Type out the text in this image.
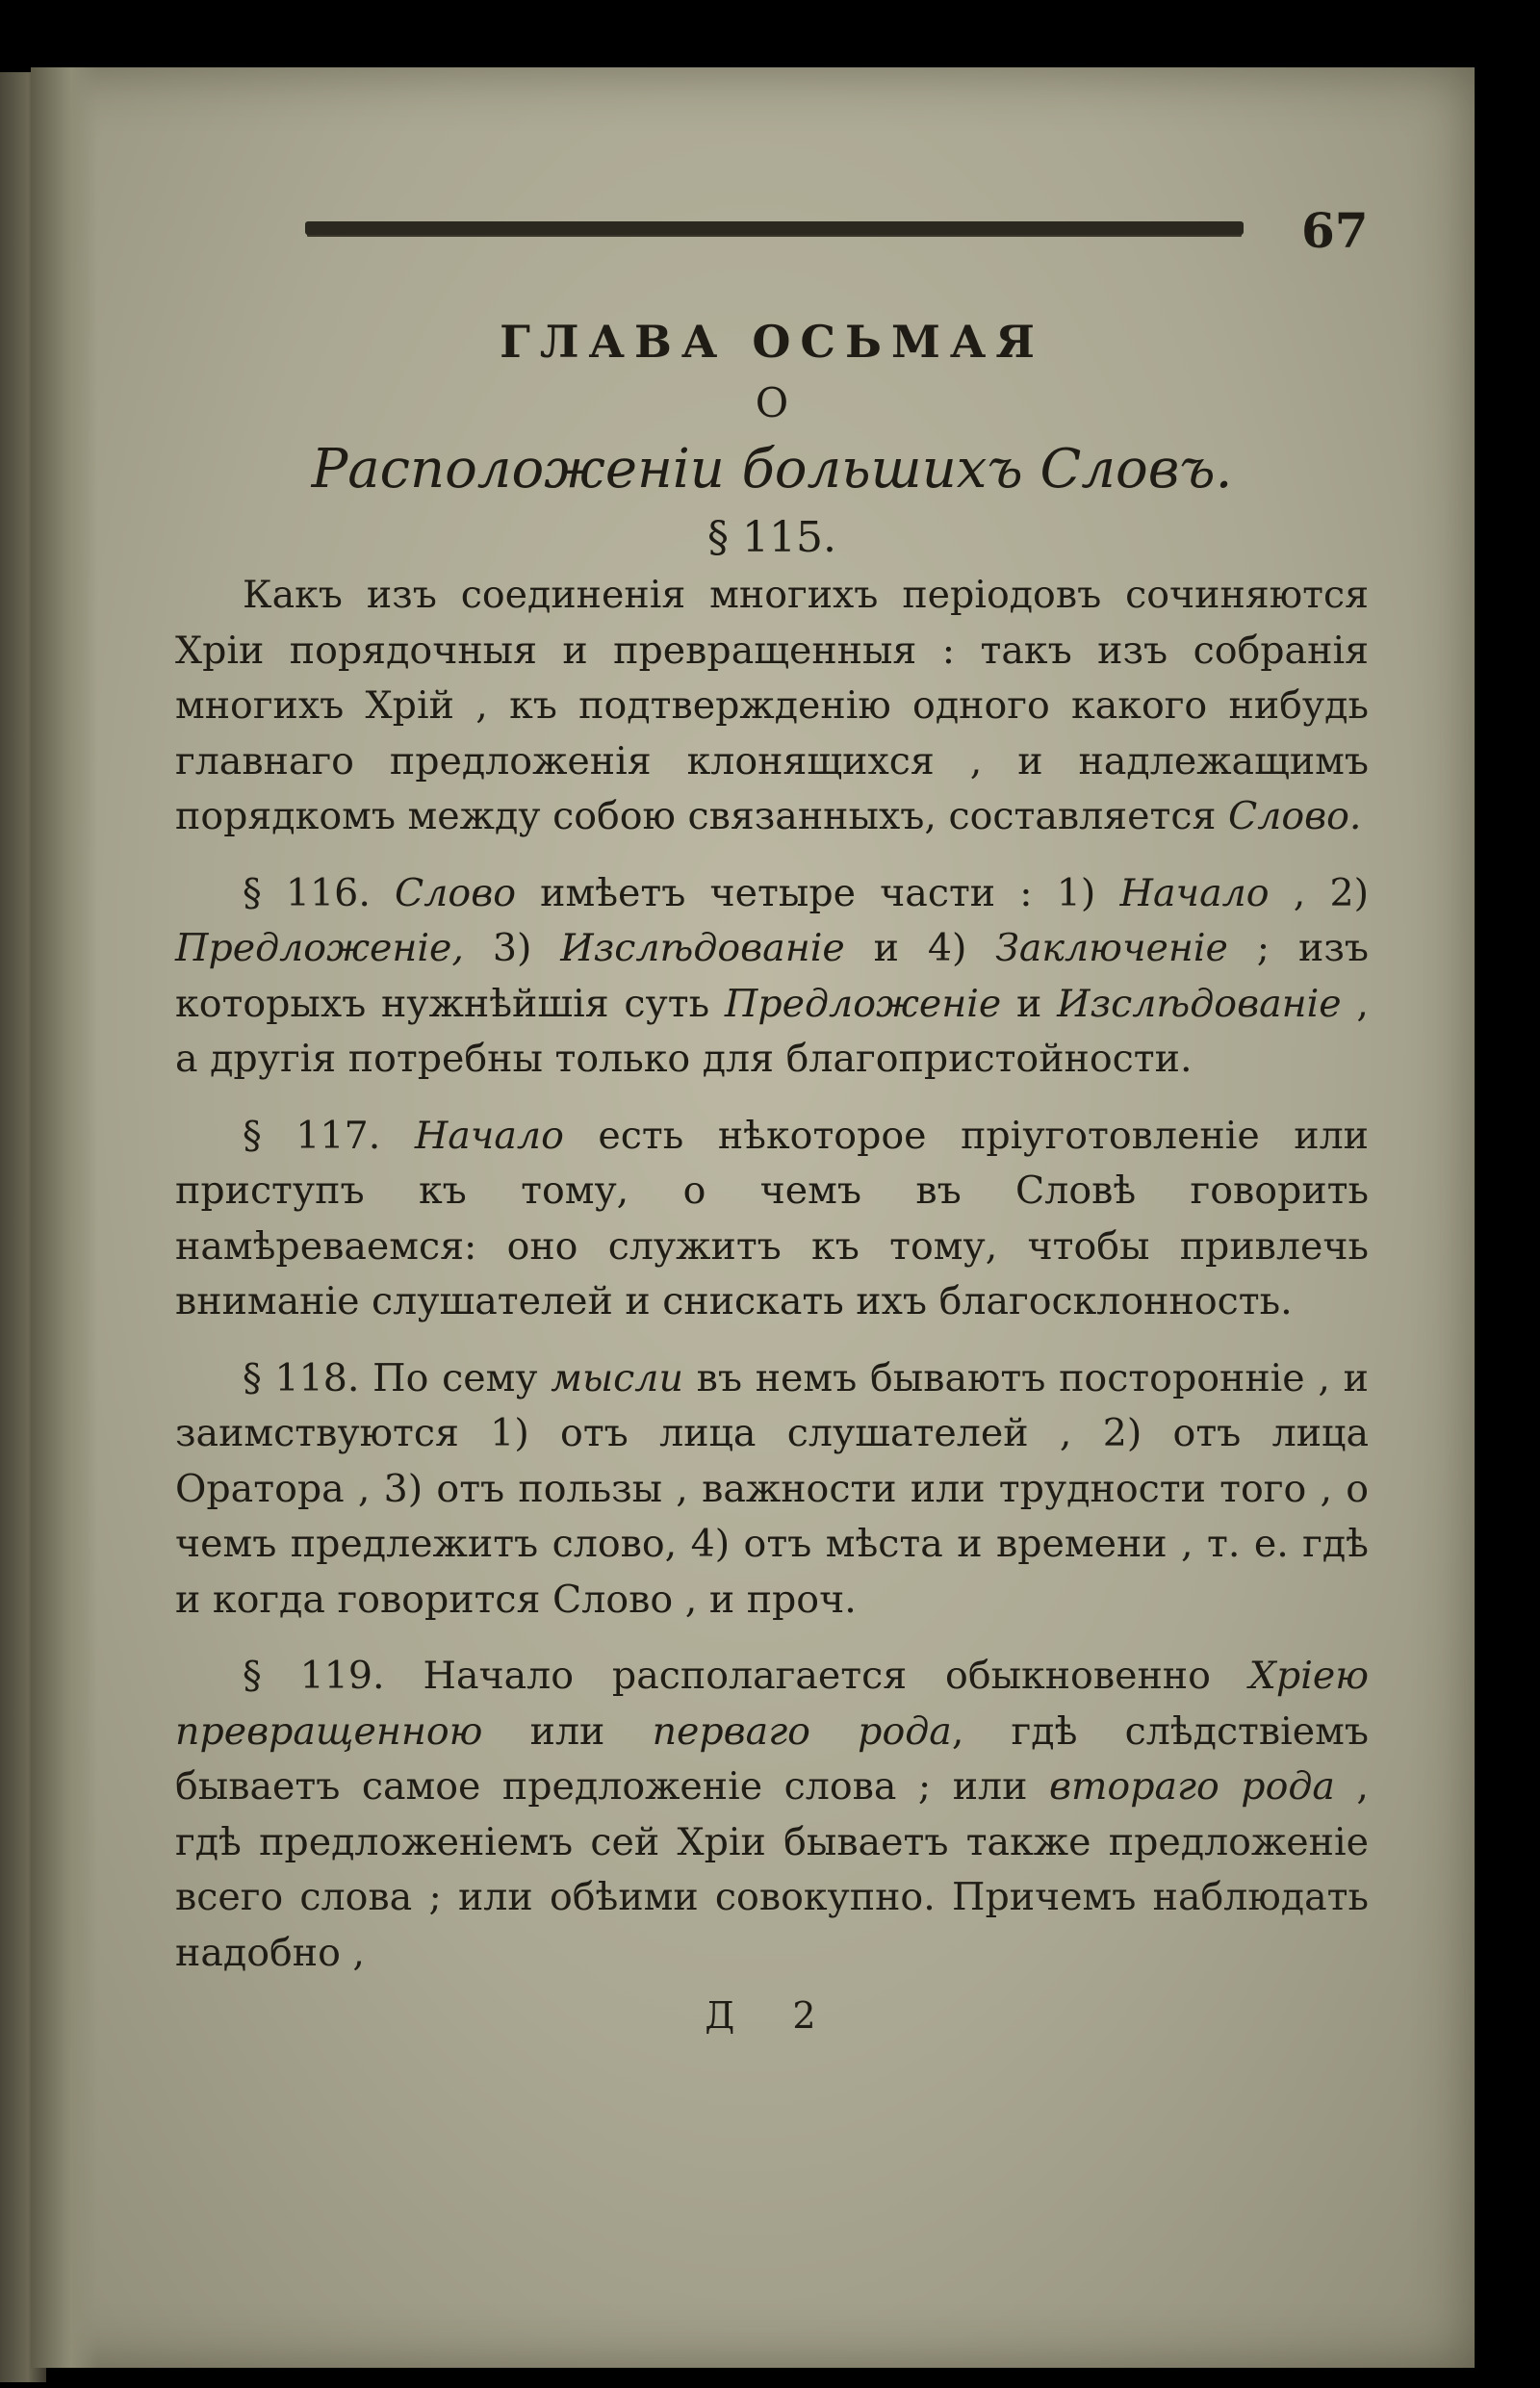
67
ГЛАВА ОСЬМАЯ
О
Расположеніи большихъ Словъ.
§ 115.

Какъ изъ соединенія многихъ періодовъ сочиняются Хріи порядочныя и превращенныя : такъ изъ собранія многихъ Хрій , къ подтвержденію одного какого нибудь главнаго предложенія клонящихся , и надлежащимъ порядкомъ между собою связанныхъ, составляется Слово.

§ 116. Слово имѣетъ четыре части : 1) Начало , 2) Предложеніе, 3) Изслѣдованіе и 4) Заключеніе ; изъ которыхъ нужнѣйшія суть Предложеніе и Изслѣдованіе , а другія потребны только для благопристойности.

§ 117. Начало есть нѣкоторое пріуготовленіе или приступъ къ тому, о чемъ въ Словѣ говорить намѣреваемся: оно служитъ къ тому, чтобы привлечь вниманіе слушателей и снискать ихъ благосклонность.

§ 118. По сему мысли въ немъ бываютъ посторонніе , и заимствуются 1) отъ лица слушателей , 2) отъ лица Оратора , 3) отъ пользы , важности или трудности того , о чемъ предлежитъ слово, 4) отъ мѣста и времени , т. е. гдѣ и когда говорится Слово , и проч.

§ 119. Начало располагается обыкновенно Хріею превращенною или перваго рода, гдѣ слѣдствіемъ бываетъ самое предложеніе слова ; или втораго рода , гдѣ предложеніемъ сей Хріи бываетъ также предложеніе всего слова ; или обѣими совокупно. Причемъ наблюдать надобно ,

Д 2
